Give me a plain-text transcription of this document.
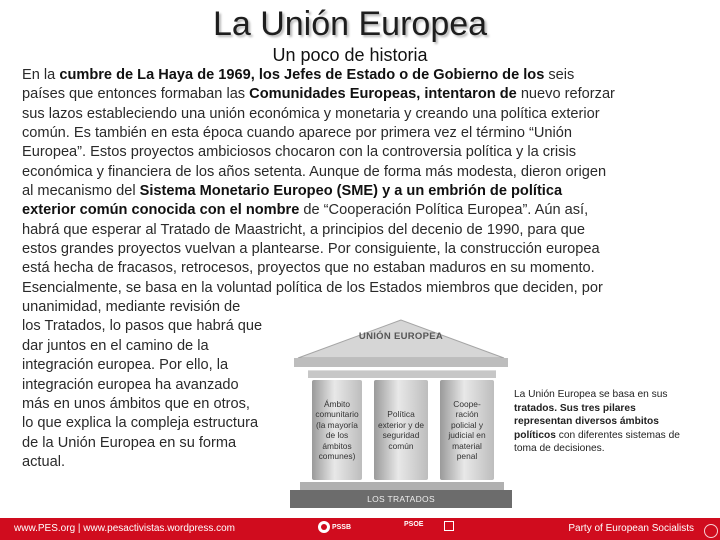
La Unión Europea
Un poco de historia
En la cumbre de La Haya de 1969, los Jefes de Estado o de Gobierno de los seis
países que entonces formaban las Comunidades Europeas, intentaron de nuevo reforzar
sus lazos estableciendo una unión económica y monetaria y creando una política exterior
común. Es también en esta época cuando aparece por primera vez el término “Unión
Europea”. Estos proyectos ambiciosos chocaron con la controversia política y la crisis
económica y financiera de los años setenta. Aunque de forma más modesta, dieron origen
al mecanismo del Sistema Monetario Europeo (SME) y a un embrión de política
exterior común conocida con el nombre de “Cooperación Política Europea”. Aún así,
habrá que esperar al Tratado de Maastricht, a principios del decenio de 1990, para que
estos grandes proyectos vuelvan a plantearse. Por consiguiente, la construcción europea
está hecha de fracasos, retrocesos, proyectos que no estaban maduros en su momento.
Esencialmente, se basa en la voluntad política de los Estados miembros que deciden, por
unanimidad, mediante revisión de
los Tratados, lo pasos que habrá que
dar juntos en el camino de la
integración europea. Por ello, la
integración europea ha avanzado
más en unos ámbitos que en otros,
lo que explica la compleja estructura
de la Unión Europea en su forma
actual.
UNIÓN EUROPEA
Ámbito comunitario (la mayoría de los ámbitos comunes)
Política exterior y de seguridad común
Coope-ración policial y judicial en material penal
LOS TRATADOS
La Unión Europea se basa en sus tratados. Sus tres pilares representan diversos ámbitos políticos con diferentes sistemas de toma de decisiones.
www.PES.org | www.pesactivistas.wordpress.com	PSSB	PSOE	Party of European Socialists
